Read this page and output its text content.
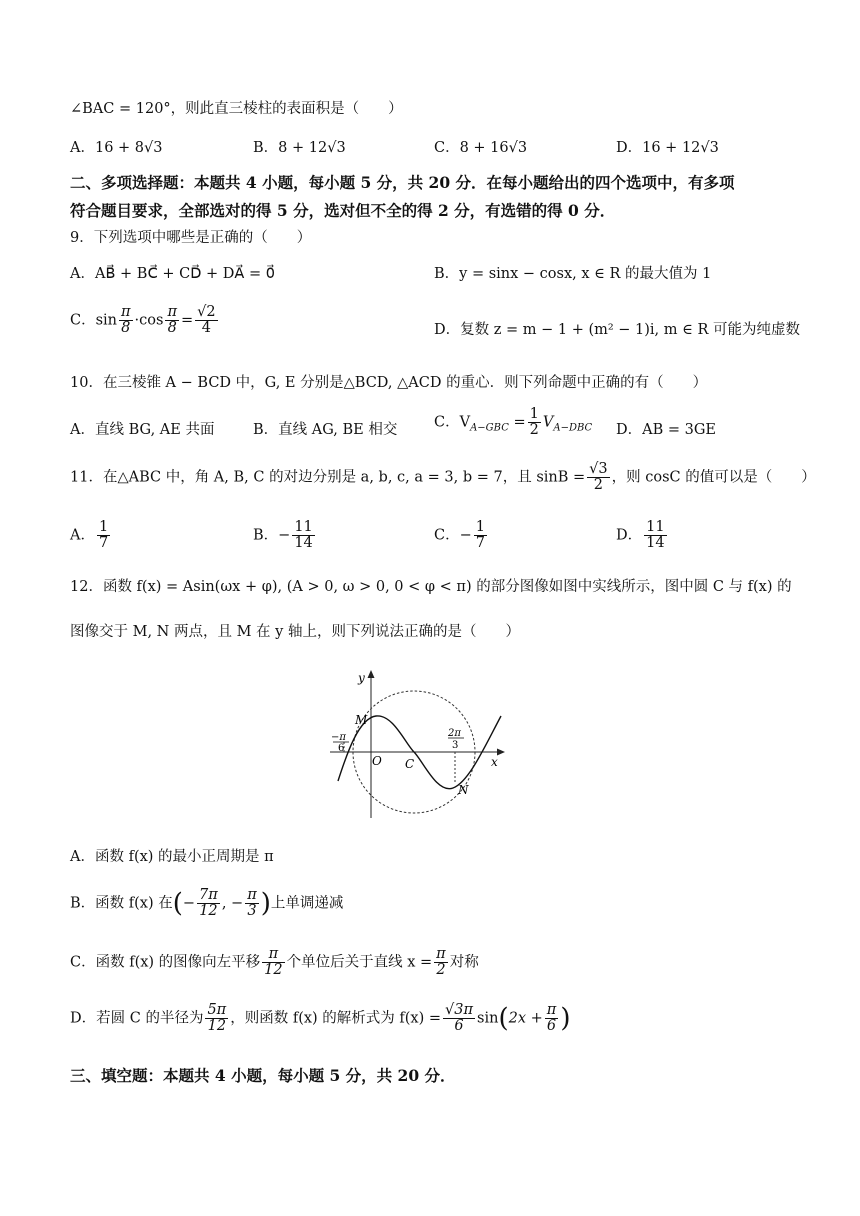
∠BAC = 120°，则此直三棱柱的表面积是（　　）
A．16 + 8√3	B．8 + 12√3	C．8 + 16√3	D．16 + 12√3
二、多项选择题：本题共 4 小题，每小题 5 分，共 20 分．在每小题给出的四个选项中，有多项
符合题目要求，全部选对的得 5 分，选对但不全的得 2 分，有选错的得 0 分．
9．下列选项中哪些是正确的（　　）
A．AB⃗ + BC⃗ + CD⃗ + DA⃗ = 0⃗	B．y = sinx − cosx, x ∈ R 的最大值为 1
C．$\sin \frac{\pi}{8} \cdot\cos \frac{\pi}{8} = \frac{√2}{4}$	D．复数 z = m − 1 + (m² − 1)i, m ∈ R 可能为纯虚数
10．在三棱锥 A − BCD 中，G, E 分别是△BCD, △ACD 的重心．则下列命题中正确的有（　　）
A．直线 BG, AE 共面	B．直线 AG, BE 相交	C．$V_{A-GBC} = \frac{1}{2} V_{A-DBC}$ D．AB = 3GE
11．在△ABC 中，角 A, B, C 的对边分别是 a, b, c, a = 3, b = 7，且 $\sin B = \frac{√3}{2}$ ，则 cosC 的值可以是（　　）
A． $\frac{1}{7}$	B．− $\frac{11}{14}$	C．− $\frac{1}{7}$	D． $\frac{11}{14}$
12．函数 f(x) = Asin(ωx + φ), (A > 0, ω > 0, 0 < φ < π) 的部分图像如图中实线所示，图中圆 C 与 f(x) 的
图像交于 M, N 两点，且 M 在 y 轴上，则下列说法正确的是（　　）
y
x
M
N
O C
−π
6
2π
3
A．函数 f(x) 的最小正周期是 π
B．函数 f(x) 在(− $\frac{7\pi}{12}$ , − $\frac{\pi}{3}$ )上单调递减
C．函数 f(x) 的图像向左平移 $\frac{\pi}{12}$ 个单位后关于直线 $x = \frac{\pi}{2}$ 对称
D．若圆 C 的半径为 $\frac{5\pi}{12}$ ，则函数 f(x) 的解析式为 $f(x) = \frac{√3\pi}{6} \sin(2x + \frac{\pi}{6}$ )
三、填空题：本题共 4 小题，每小题 5 分，共 20 分．
